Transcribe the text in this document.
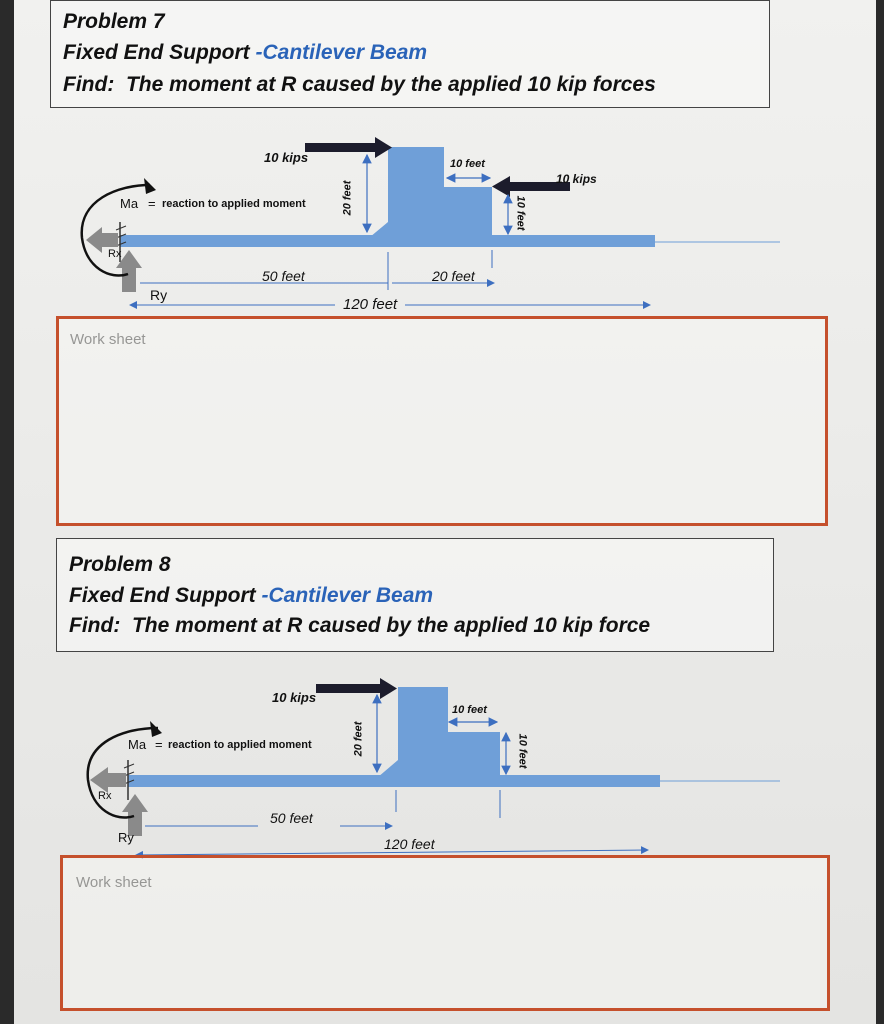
Problem 7
Fixed End Support -Cantilever Beam
Find: The moment at R caused by the applied 10 kip forces
10 kips
10 kips
Ma = reaction to applied moment
Rx
Ry
20 feet
10 feet
10 feet
50 feet	20 feet
120 feet
Problem 8
Fixed End Support -Cantilever Beam
Find: The moment at R caused by the applied 10 kip force
10 kips
Ma = reaction to applied moment
Rx
Ry
20 feet
10 feet
10 feet
50 feet
120 feet
